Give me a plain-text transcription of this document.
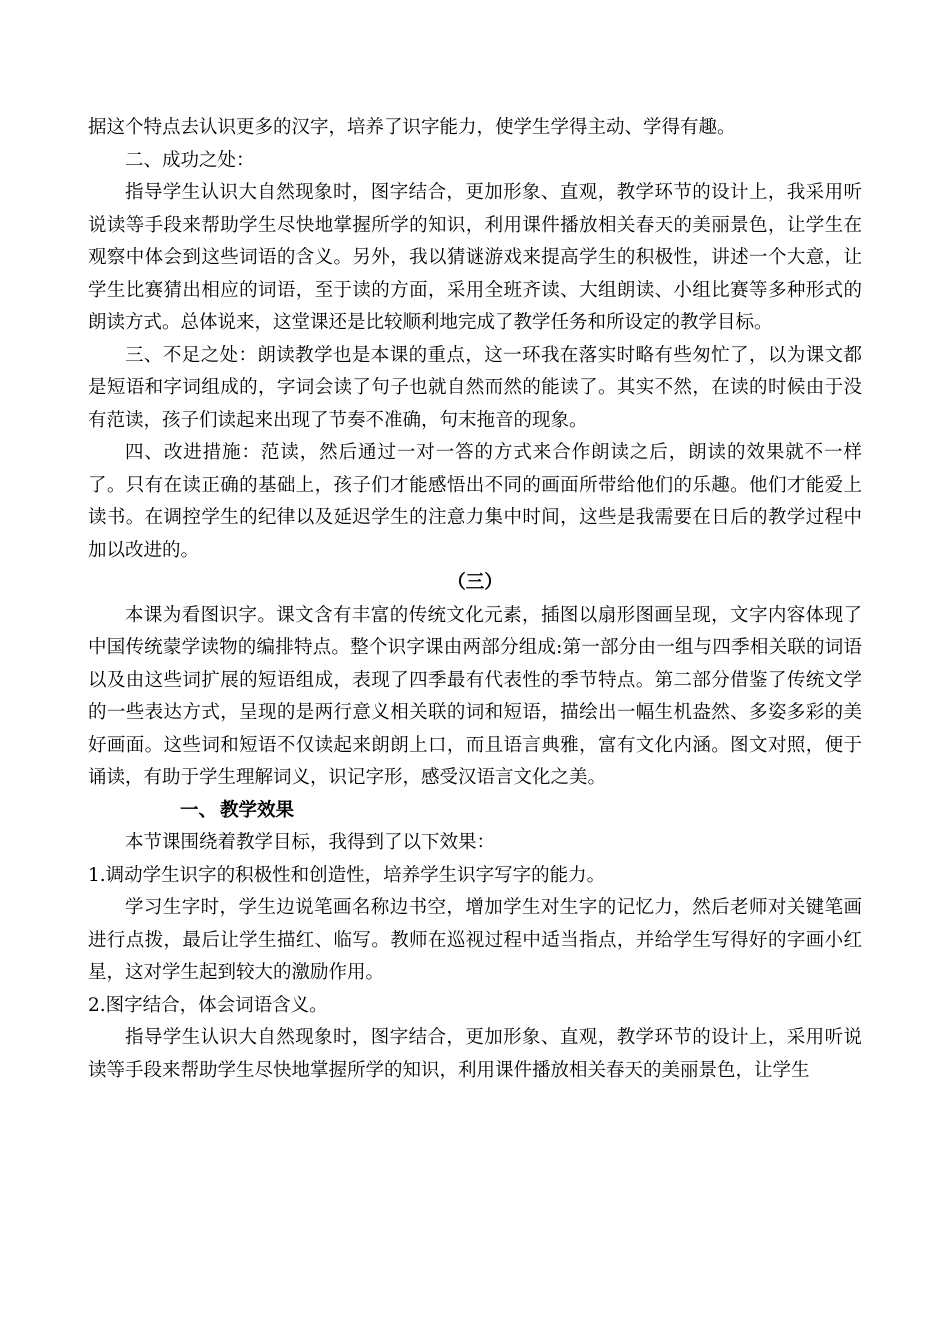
据这个特点去认识更多的汉字，培养了识字能力，使学生学得主动、学得有趣。

二、成功之处：

指导学生认识大自然现象时，图字结合，更加形象、直观，教学环节的设计上，我采用听说读等手段来帮助学生尽快地掌握所学的知识，利用课件播放相关春天的美丽景色，让学生在观察中体会到这些词语的含义。另外，我以猜谜游戏来提高学生的积极性，讲述一个大意，让学生比赛猜出相应的词语，至于读的方面，采用全班齐读、大组朗读、小组比赛等多种形式的朗读方式。总体说来，这堂课还是比较顺利地完成了教学任务和所设定的教学目标。

三、不足之处：朗读教学也是本课的重点，这一环我在落实时略有些匆忙了，以为课文都是短语和字词组成的，字词会读了句子也就自然而然的能读了。其实不然，在读的时候由于没有范读，孩子们读起来出现了节奏不准确，句末拖音的现象。

四、改进措施：范读，然后通过一对一答的方式来合作朗读之后，朗读的效果就不一样了。只有在读正确的基础上，孩子们才能感悟出不同的画面所带给他们的乐趣。他们才能爱上读书。在调控学生的纪律以及延迟学生的注意力集中时间，这些是我需要在日后的教学过程中加以改进的。

（三）

本课为看图识字。课文含有丰富的传统文化元素，插图以扇形图画呈现，文字内容体现了中国传统蒙学读物的编排特点。整个识字课由两部分组成:第一部分由一组与四季相关联的词语以及由这些词扩展的短语组成，表现了四季最有代表性的季节特点。第二部分借鉴了传统文学的一些表达方式，呈现的是两行意义相关联的词和短语，描绘出一幅生机盎然、多姿多彩的美好画面。这些词和短语不仅读起来朗朗上口，而且语言典雅，富有文化内涵。图文对照，便于诵读，有助于学生理解词义，识记字形，感受汉语言文化之美。

一、 教学效果

本节课围绕着教学目标，我得到了以下效果：

1.调动学生识字的积极性和创造性，培养学生识字写字的能力。

学习生字时，学生边说笔画名称边书空，增加学生对生字的记忆力，然后老师对关键笔画进行点拨，最后让学生描红、临写。教师在巡视过程中适当指点，并给学生写得好的字画小红星，这对学生起到较大的激励作用。

2.图字结合，体会词语含义。

指导学生认识大自然现象时，图字结合，更加形象、直观，教学环节的设计上，采用听说读等手段来帮助学生尽快地掌握所学的知识，利用课件播放相关春天的美丽景色，让学生
